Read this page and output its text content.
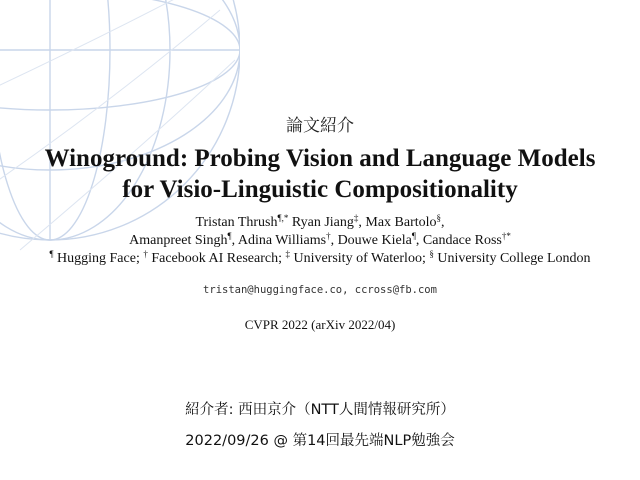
論文紹介
Winoground: Probing Vision and Language Models
for Visio-Linguistic Compositionality
Tristan Thrush¶,* Ryan Jiang‡, Max Bartolo§,
Amanpreet Singh¶, Adina Williams†, Douwe Kiela¶, Candace Ross†*
¶ Hugging Face; † Facebook AI Research; ‡ University of Waterloo; § University College London
tristan@huggingface.co, ccross@fb.com
CVPR 2022 (arXiv 2022/04)
紹介者: 西田京介（NTT人間情報研究所）
2022/09/26 @ 第14回最先端NLP勉強会
